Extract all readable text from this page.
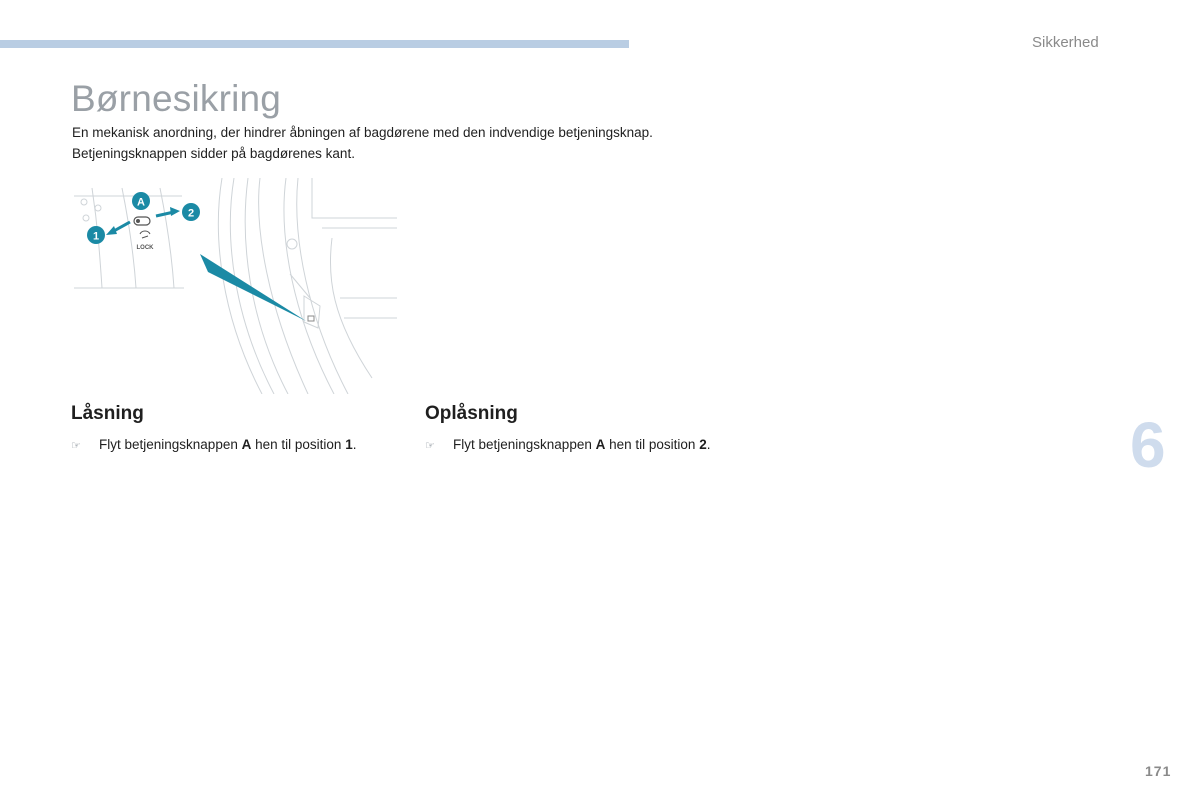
Sikkerhed
Børnesikring
En mekanisk anordning, der hindrer åbningen af bagdørene med den indvendige betjeningsknap.
Betjeningsknappen sidder på bagdørenes kant.
A
1
2
LOCK
Låsning
☞	Flyt betjeningsknappen A hen til position 1.
Oplåsning
☞	Flyt betjeningsknappen A hen til position 2.	6
171
